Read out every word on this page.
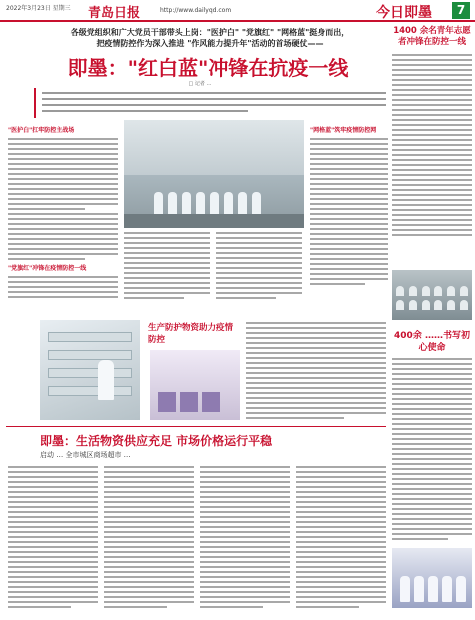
2022年3月23日 星期三 青岛日报	http://www.dailyqd.com	今日即墨	7
各级党组织和广大党员干部带头上岗："医护白" "党旗红" "网格蓝"挺身而出，
把疫情防控作为深入推进 "作风能力提升年"活动的首场硬仗——
即墨："红白蓝"冲锋在抗疫一线
□ 记者 …
"医护白"扛牢防控主战场
"党旗红"冲锋在疫情防控一线
"网格蓝"筑牢疫情防控网
1400 余名青年志愿者冲锋在防控一线
400余 ……书写初心使命
生产防护物资助力疫情防控
即墨：生活物资供应充足 市场价格运行平稳
启动 … 全市城区商场超市 …
